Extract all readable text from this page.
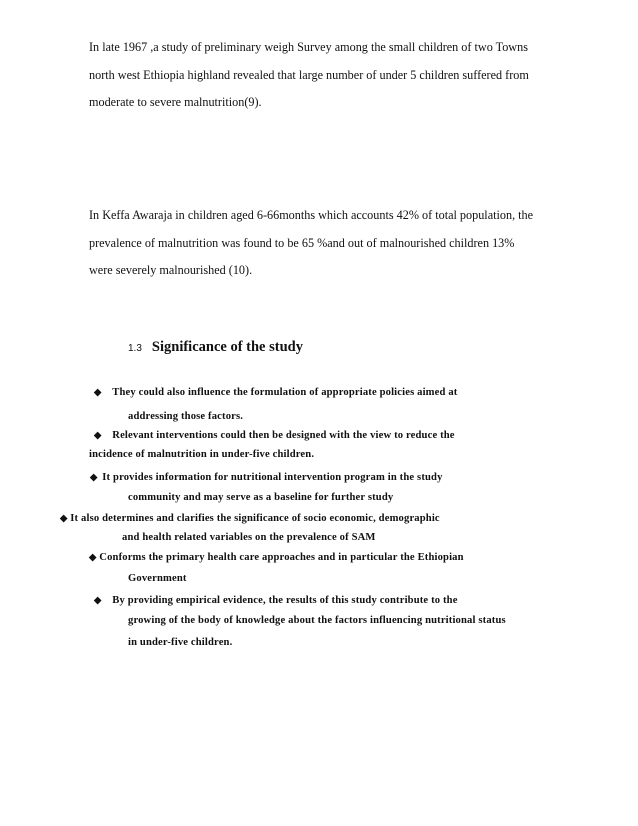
In late 1967 ,a study of preliminary weigh Survey among the small children of two Towns
north west Ethiopia highland revealed that large number of under 5 children suffered from
moderate to severe malnutrition(9).
In Keffa Awaraja in children aged 6-66months which accounts 42% of total population, the
prevalence of malnutrition was found to be 65 %and out of malnourished children 13%
were severely malnourished (10).
1.3 Significance of the study
◆ They could also influence the formulation of appropriate policies aimed at
addressing those factors.
◆ Relevant interventions could then be designed with the view to reduce the
incidence of malnutrition in under-five children.
◆ It provides information for nutritional intervention program in the study
community and may serve as a baseline for further study
◆ It also determines and clarifies the significance of socio economic, demographic
and health related variables on the prevalence of SAM
◆ Conforms the primary health care approaches and in particular the Ethiopian
Government
◆ By providing empirical evidence, the results of this study contribute to the
growing of the body of knowledge about the factors influencing nutritional status
in under-five children.
